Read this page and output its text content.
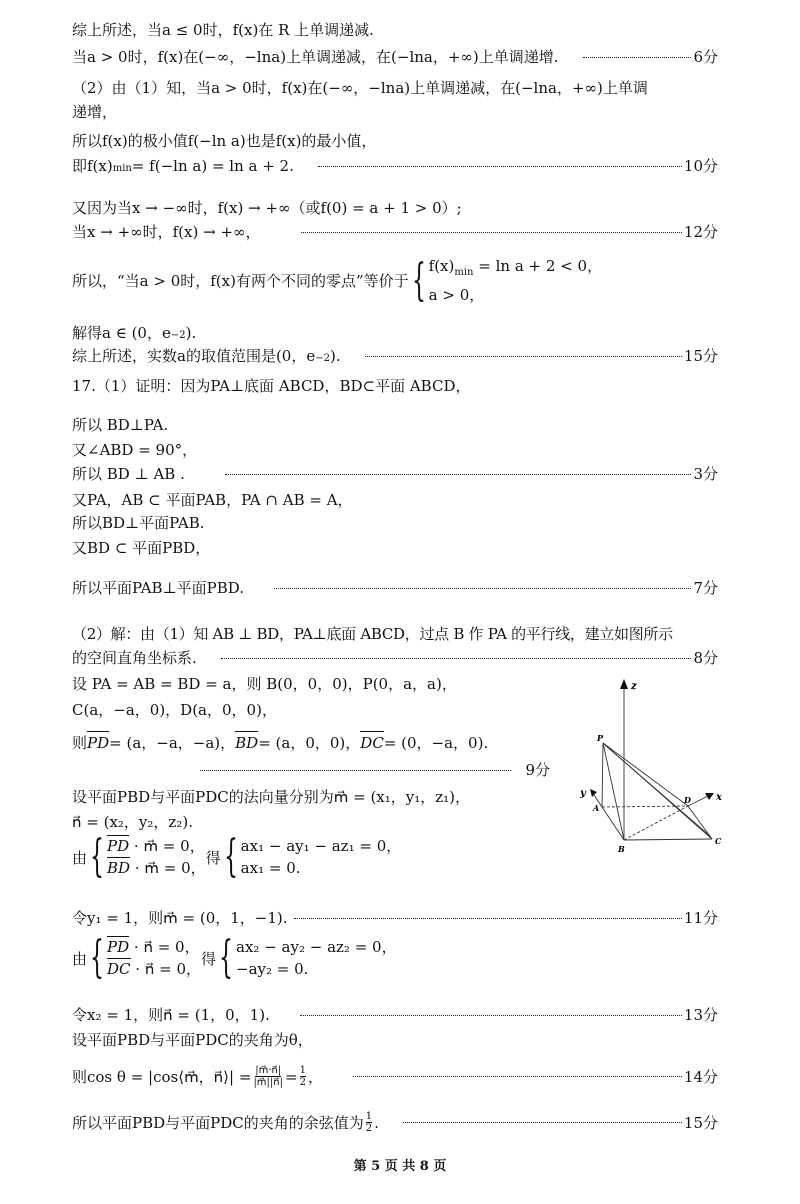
综上所述，当a ≤ 0时，f(x)在 R 上单调递减.
当a > 0时，f(x)在(−∞，−lna)上单调递减，在(−lna，+∞)上单调递增.	6分
（2）由（1）知，当a > 0时，f(x)在(−∞，−lna)上单调递减，在(−lna，+∞)上单调
递增，
所以f(x)的极小值f(−ln a)也是f(x)的最小值，
即$f(x)_{min} = f(-\ln$ a) = ln a + 2.	10分
又因为当x → −∞时，f(x) → +∞（或f(0) = a + 1 > 0）;
当x → +∞时，f(x) → +∞，	12分
所以，“当a > 0时，f(x)有两个不同的零点”等价于 { $f(x)_{min} = \ln a + 2 < 0$，
a > 0，
解得a ∈ (0，$e_{-2}$ ).
综上所述，实数a的取值范围是(0，$e_{-2}$ ).	15分
17.（1）证明：因为PA⊥底面 ABCD，BD⊂平面 ABCD，
所以 BD⊥PA.
又∠ABD = 90°，
所以 BD ⊥ AB .	3分
又PA，AB ⊂ 平面PAB，PA ∩ AB = A，
所以BD⊥平面PAB.
又BD ⊂ 平面PBD，
所以平面PAB⊥平面PBD.	7分
（2）解：由（1）知 AB ⊥ BD，PA⊥底面 ABCD，过点 B 作 PA 的平行线，建立如图所示
的空间直角坐标系.	8分
设 PA = AB = BD = a，则 B(0，0，0)，P(0，a，a)，
C(a，−a，0)，D(a，0，0)，
则 PD = (a，−a，−a)， BD = (a，0，0)， DC = (0，−a，0).
9分
设平面PBD与平面PDC的法向量分别为m⃗ = (x₁，y₁，z₁)，
n⃗ = (x₂，y₂，z₂).
由 { PD · m⃗ = 0，
BD · m⃗ = 0，
得 { ax₁ − ay₁ − az₁ = 0，
ax₁ = 0.
令y₁ = 1，则m⃗ = (0，1，−1).	11分
由 { PD · n⃗ = 0，
DC · n⃗ = 0，
得 { ax₂ − ay₂ − az₂ = 0，
−ay₂ = 0.
令x₂ = 1，则n⃗ = (1，0，1).	13分
设平面PBD与平面PDC的夹角为θ，
则cos θ = |cos⟨m⃗，n⃗⟩| = $\frac{|m⃗\cdot n⃗|}{|m⃗||n⃗|} = \frac{1}{2}$ ，	14分
所以平面PBD与平面PDC的夹角的余弦值为 $\frac{1}{2}$ .	15分
z
y	x
P
A
B
C
D
第 5 页 共 8 页
